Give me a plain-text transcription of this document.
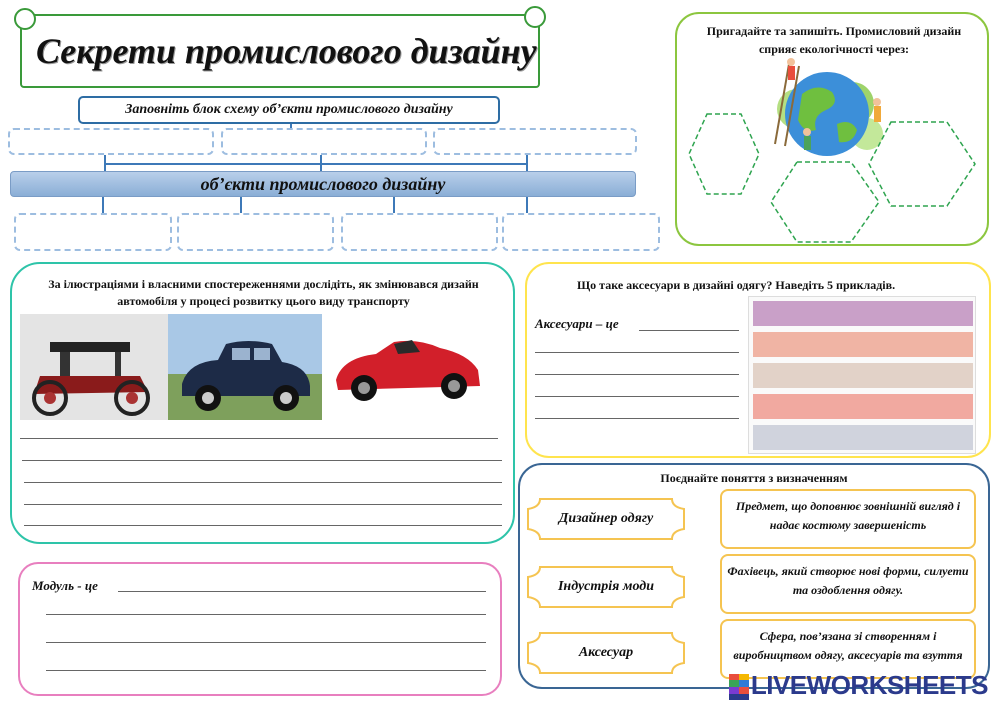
Секрети промислового дизайну
Заповніть блок схему об’єкти промислового дизайну
об’єкти промислового дизайну
Пригадайте та запишіть. Промисловий дизайн сприяє екологічності через:
За ілюстраціями і власними спостереженнями дослідіть, як змінювався дизайн автомобіля у процесі розвитку цього виду транспорту
Що таке аксесуари в дизайні одягу? Наведіть 5 прикладів.
Аксесуари – це
Модуль - це
Поєднайте поняття з визначенням
Дизайнер одягу
Індустрія моди
Аксесуар
Предмет, що доповнює зовнішній вигляд і надає костюму завершеність
Фахівець, який створює нові форми, силуети та оздоблення одягу.
Сфера, пов’язана зі створенням і виробництвом одягу, аксесуарів та взуття
LIVEWORKSHEETS
